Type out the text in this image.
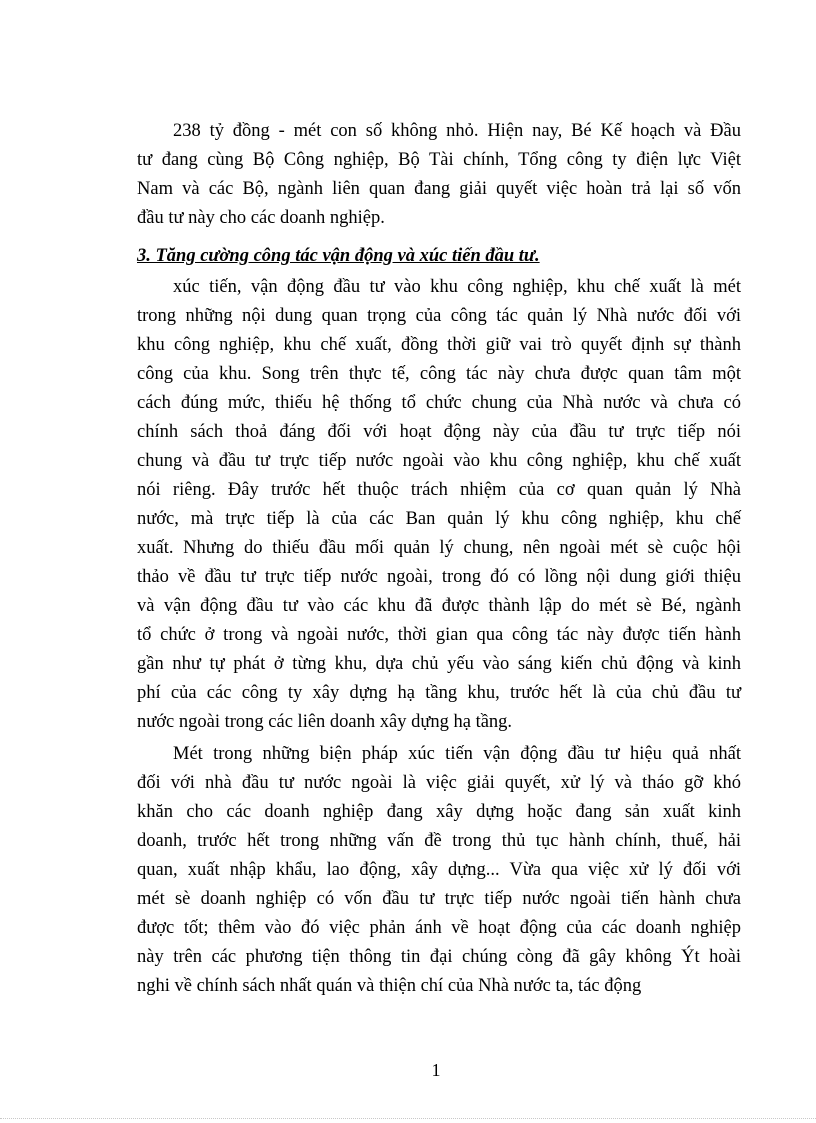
238 tỷ đồng - mét con số không nhỏ. Hiện nay, Bé Kế hoạch và Đầu
tư đang cùng Bộ Công nghiệp, Bộ Tài chính, Tổng công ty điện lực Việt
Nam và các Bộ, ngành liên quan đang giải quyết việc hoàn trả lại số vốn
đầu tư này cho các doanh nghiệp.
3. Tăng cường công tác vận động và xúc tiến đầu tư.
xúc tiến, vận động đầu tư vào khu công nghiệp, khu chế xuất là mét
trong những nội dung quan trọng của công tác quản lý Nhà nước đối với
khu công nghiệp, khu chế xuất, đồng thời giữ vai trò quyết định sự thành
công của khu. Song trên thực tế, công tác này chưa được quan tâm một
cách đúng mức, thiếu hệ thống tổ chức chung của Nhà nước và chưa có
chính sách thoả đáng đối với hoạt động này của đầu tư trực tiếp nói
chung và đầu tư trực tiếp nước ngoài vào khu công nghiệp, khu chế xuất
nói riêng. Đây trước hết thuộc trách nhiệm của cơ quan quản lý Nhà
nước, mà trực tiếp là của các Ban quản lý khu công nghiệp, khu chế
xuất. Nhưng do thiếu đầu mối quản lý chung, nên ngoài mét sè cuộc hội
thảo về đầu tư trực tiếp nước ngoài, trong đó có lồng nội dung giới thiệu
và vận động đầu tư vào các khu đã được thành lập do mét sè Bé, ngành
tổ chức ở trong và ngoài nước, thời gian qua công tác này được tiến hành
gần như tự phát ở từng khu, dựa chủ yếu vào sáng kiến chủ động và kinh
phí của các công ty xây dựng hạ tầng khu, trước hết là của chủ đầu tư
nước ngoài trong các liên doanh xây dựng hạ tầng.
Mét trong những biện pháp xúc tiến vận động đầu tư hiệu quả nhất
đối với nhà đầu tư nước ngoài là việc giải quyết, xử lý và tháo gỡ khó
khăn cho các doanh nghiệp đang xây dựng hoặc đang sản xuất kinh
doanh, trước hết trong những vấn đề trong thủ tục hành chính, thuế, hải
quan, xuất nhập khẩu, lao động, xây dựng... Vừa qua việc xử lý đối với
mét sè doanh nghiệp có vốn đầu tư trực tiếp nước ngoài tiến hành chưa
được tốt; thêm vào đó việc phản ánh về hoạt động của các doanh nghiệp
này trên các phương tiện thông tin đại chúng còng đã gây không Ýt hoài
nghi về chính sách nhất quán và thiện chí của Nhà nước ta, tác động
1
